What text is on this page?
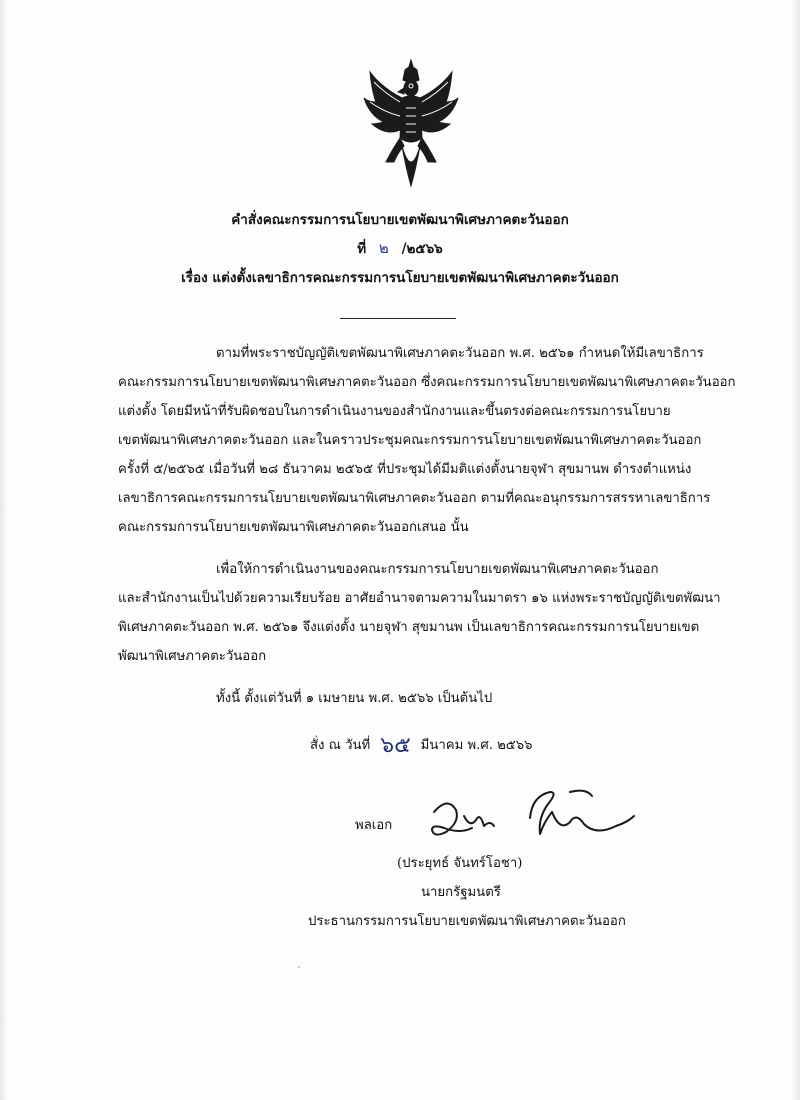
คำสั่งคณะกรรมการนโยบายเขตพัฒนาพิเศษภาคตะวันออก
ที่ ๒ /๒๕๖๖
เรื่อง แต่งตั้งเลขาธิการคณะกรรมการนโยบายเขตพัฒนาพิเศษภาคตะวันออก
ตามที่พระราชบัญญัติเขตพัฒนาพิเศษภาคตะวันออก พ.ศ. ๒๕๖๑ กำหนดให้มีเลขาธิการ
คณะกรรมการนโยบายเขตพัฒนาพิเศษภาคตะวันออก ซึ่งคณะกรรมการนโยบายเขตพัฒนาพิเศษภาคตะวันออก
แต่งตั้ง โดยมีหน้าที่รับผิดชอบในการดำเนินงานของสำนักงานและขึ้นตรงต่อคณะกรรมการนโยบาย
เขตพัฒนาพิเศษภาคตะวันออก และในคราวประชุมคณะกรรมการนโยบายเขตพัฒนาพิเศษภาคตะวันออก
ครั้งที่ ๕/๒๕๖๕ เมื่อวันที่ ๒๘ ธันวาคม ๒๕๖๕ ที่ประชุมได้มีมติแต่งตั้งนายจุฬา สุขมานพ ดำรงตำแหน่ง
เลขาธิการคณะกรรมการนโยบายเขตพัฒนาพิเศษภาคตะวันออก ตามที่คณะอนุกรรมการสรรหาเลขาธิการ
คณะกรรมการนโยบายเขตพัฒนาพิเศษภาคตะวันออกเสนอ นั้น
เพื่อให้การดำเนินงานของคณะกรรมการนโยบายเขตพัฒนาพิเศษภาคตะวันออก
และสำนักงานเป็นไปด้วยความเรียบร้อย อาศัยอำนาจตามความในมาตรา ๑๖ แห่งพระราชบัญญัติเขตพัฒนา
พิเศษภาคตะวันออก พ.ศ. ๒๕๖๑ จึงแต่งตั้ง นายจุฬา สุขมานพ เป็นเลขาธิการคณะกรรมการนโยบายเขต
พัฒนาพิเศษภาคตะวันออก
ทั้งนี้ ตั้งแต่วันที่ ๑ เมษายน พ.ศ. ๒๕๖๖ เป็นต้นไป
สั่ง ณ วันที่ ๖๕ มีนาคม พ.ศ. ๒๕๖๖
พลเอก
(ประยุทธ์ จันทร์โอชา)
นายกรัฐมนตรี
ประธานกรรมการนโยบายเขตพัฒนาพิเศษภาคตะวันออก
